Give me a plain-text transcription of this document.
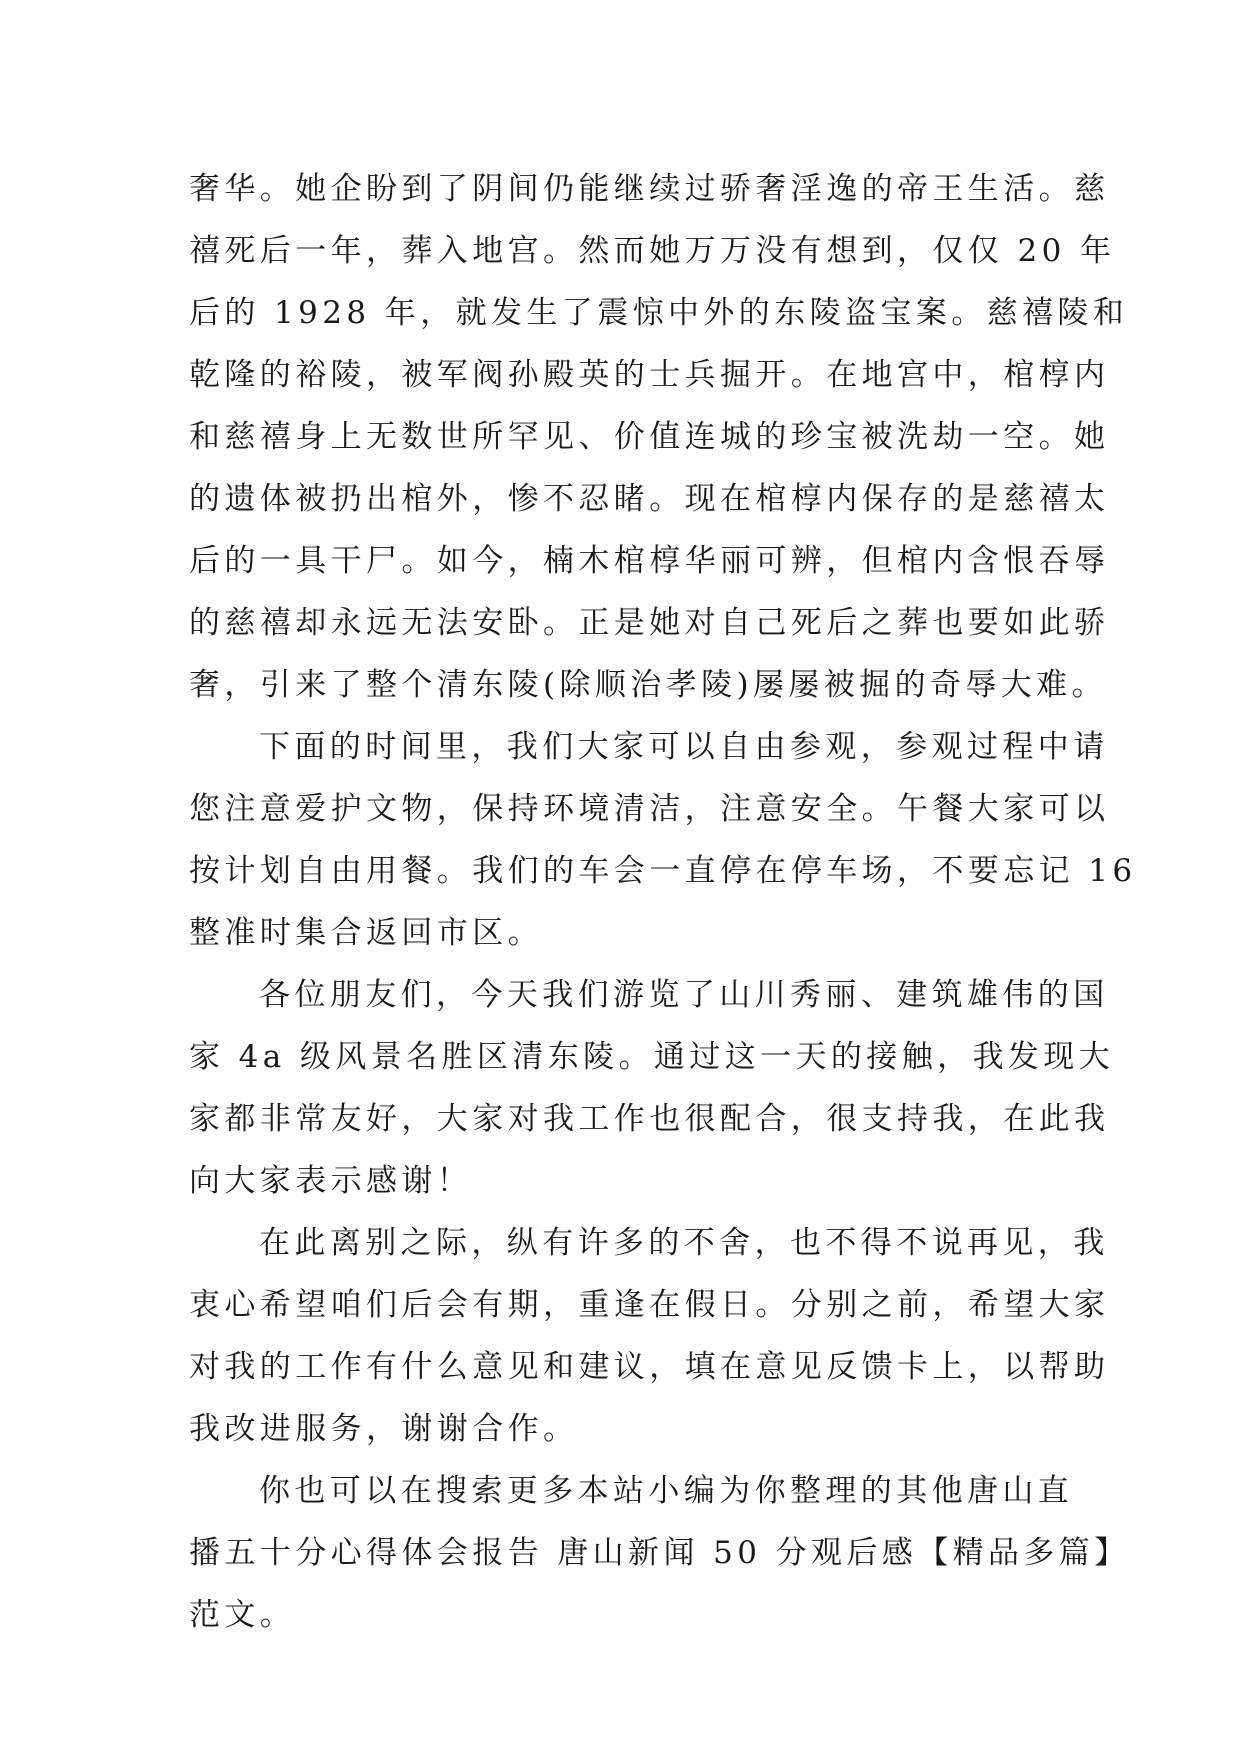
奢华。她企盼到了阴间仍能继续过骄奢淫逸的帝王生活。慈
禧死后一年，葬入地宫。然而她万万没有想到，仅仅 20 年
后的 1928 年，就发生了震惊中外的东陵盗宝案。慈禧陵和
乾隆的裕陵，被军阀孙殿英的士兵掘开。在地宫中，棺椁内
和慈禧身上无数世所罕见、价值连城的珍宝被洗劫一空。她
的遗体被扔出棺外，惨不忍睹。现在棺椁内保存的是慈禧太
后的一具干尸。如今，楠木棺椁华丽可辨，但棺内含恨吞辱
的慈禧却永远无法安卧。正是她对自己死后之葬也要如此骄
奢，引来了整个清东陵(除顺治孝陵)屡屡被掘的奇辱大难。
下面的时间里，我们大家可以自由参观，参观过程中请
您注意爱护文物，保持环境清洁，注意安全。午餐大家可以
按计划自由用餐。我们的车会一直停在停车场，不要忘记 16
整准时集合返回市区。
各位朋友们，今天我们游览了山川秀丽、建筑雄伟的国
家 4a 级风景名胜区清东陵。通过这一天的接触，我发现大
家都非常友好，大家对我工作也很配合，很支持我，在此我
向大家表示感谢！
在此离别之际，纵有许多的不舍，也不得不说再见，我
衷心希望咱们后会有期，重逢在假日。分别之前，希望大家
对我的工作有什么意见和建议，填在意见反馈卡上，以帮助
我改进服务，谢谢合作。
你也可以在搜索更多本站小编为你整理的其他唐山直
播五十分心得体会报告 唐山新闻 50 分观后感【精品多篇】
范文。
